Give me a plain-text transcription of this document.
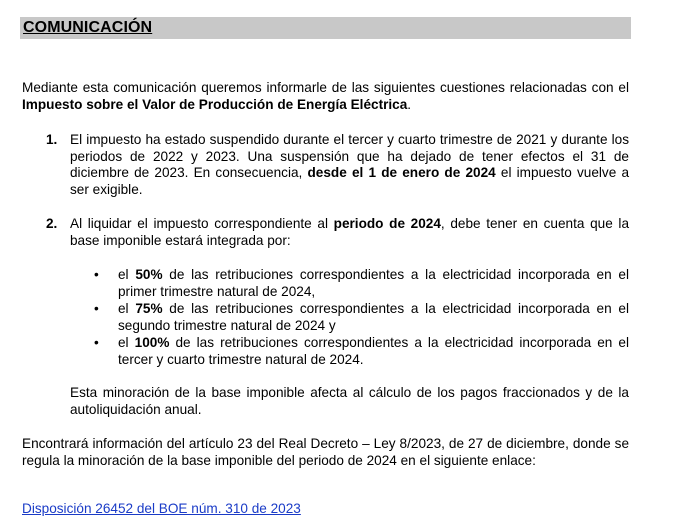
COMUNICACIÓN

Mediante esta comunicación queremos informarle de las siguientes cuestiones relacionadas con el Impuesto sobre el Valor de Producción de Energía Eléctrica.

1. El impuesto ha estado suspendido durante el tercer y cuarto trimestre de 2021 y durante los periodos de 2022 y 2023. Una suspensión que ha dejado de tener efectos el 31 de diciembre de 2023. En consecuencia, desde el 1 de enero de 2024 el impuesto vuelve a ser exigible.
2. Al liquidar el impuesto correspondiente al periodo de 2024, debe tener en cuenta que la base imponible estará integrada por:
• el 50% de las retribuciones correspondientes a la electricidad incorporada en el primer trimestre natural de 2024,
• el 75% de las retribuciones correspondientes a la electricidad incorporada en el segundo trimestre natural de 2024 y
• el 100% de las retribuciones correspondientes a la electricidad incorporada en el tercer y cuarto trimestre natural de 2024.
Esta minoración de la base imponible afecta al cálculo de los pagos fraccionados y de la autoliquidación anual.

Encontrará información del artículo 23 del Real Decreto – Ley 8/2023, de 27 de diciembre, donde se regula la minoración de la base imponible del periodo de 2024 en el siguiente enlace:

Disposición 26452 del BOE núm. 310 de 2023
